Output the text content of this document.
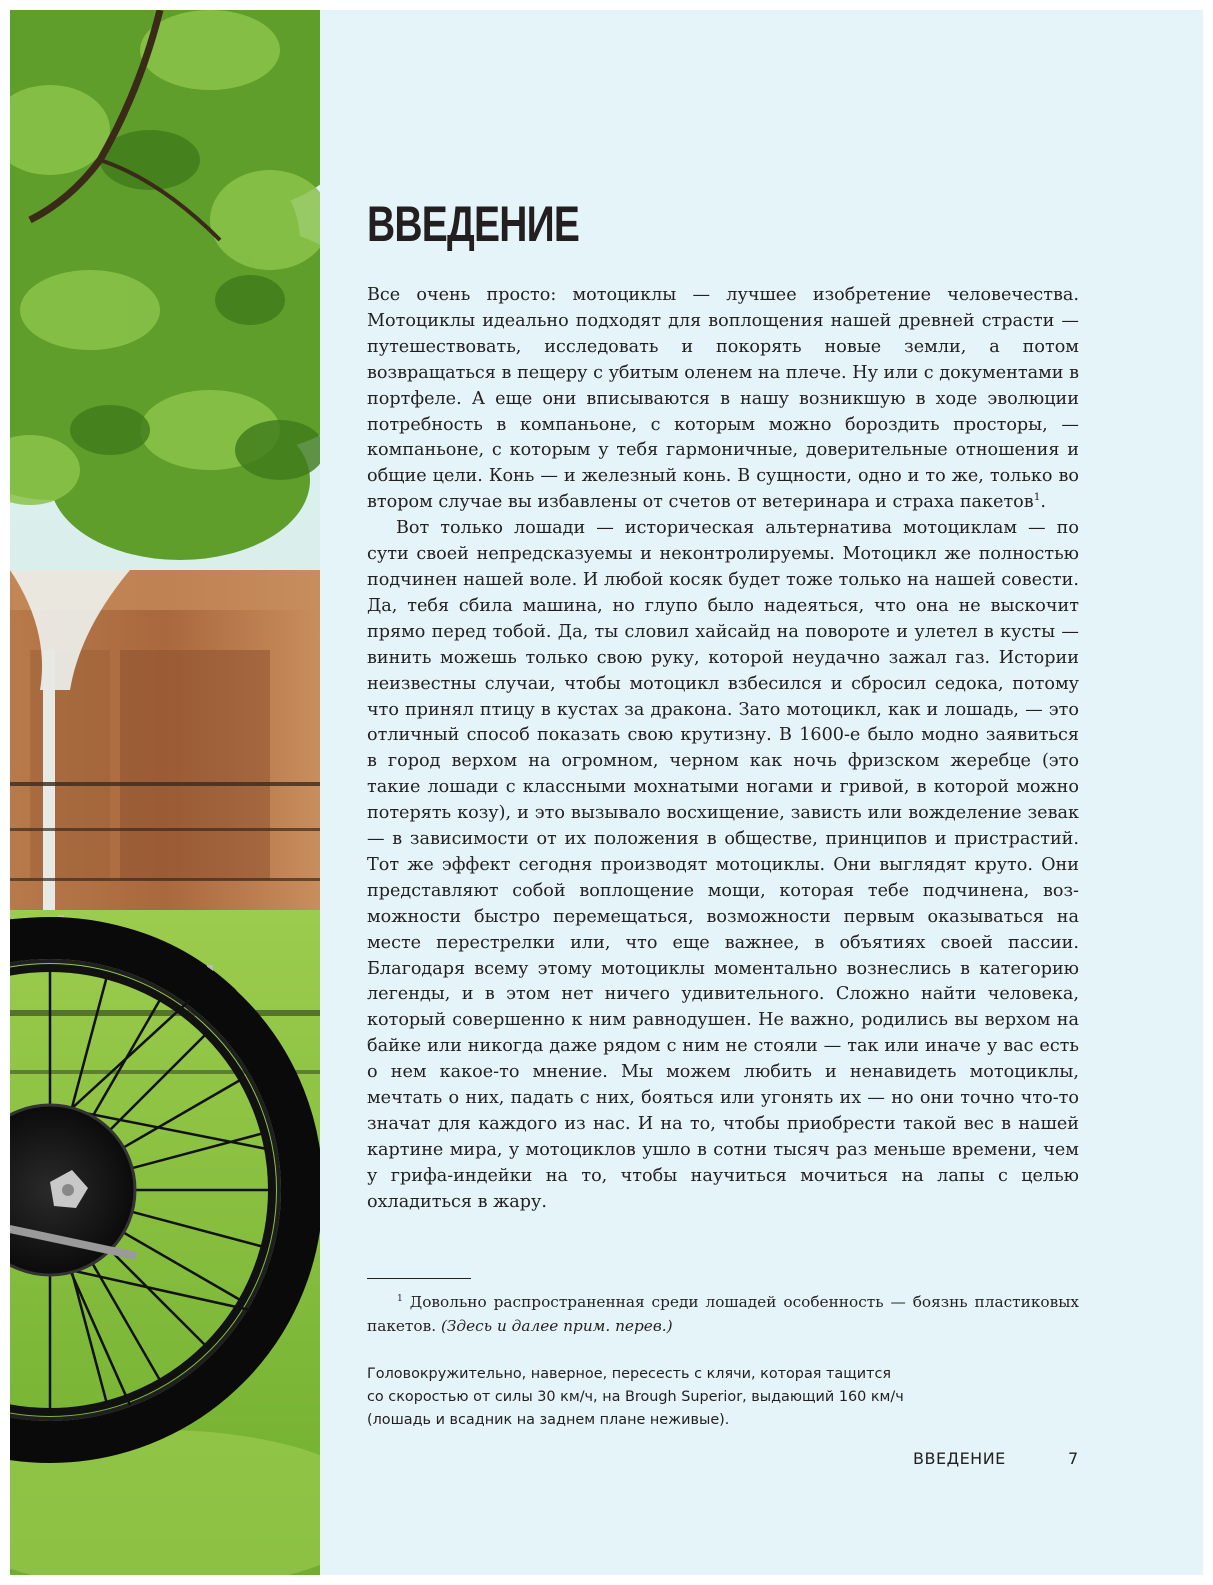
ВВЕДЕНИЕ

Все очень просто: мотоциклы — лучшее изобретение человечества. Мотоциклы идеально подходят для воплощения нашей древней страсти — путешествовать, исследовать и покорять новые земли, а потом возвращаться в пещеру с убитым оленем на плече. Ну или с документами в портфеле. А еще они вписываются в нашу возникшую в ходе эволюции потребность в компаньоне, с которым можно бороздить просторы, — компаньоне, с которым у тебя гармоничные, доверительные отношения и общие цели. Конь — и железный конь. В сущности, одно и то же, только во втором случае вы избавлены от счетов от ветеринара и страха пакетов$^1$.

Вот только лошади — историческая альтернатива мотоциклам — по сути своей непредсказуемы и неконтролируемы. Мотоцикл же полностью подчинен нашей воле. И любой косяк будет тоже только на нашей совести. Да, тебя сбила машина, но глупо было надеяться, что она не выскочит прямо перед тобой. Да, ты словил хайсайд на повороте и улетел в кусты — винить можешь только свою руку, которой неудачно зажал газ. Истории неизвестны случаи, чтобы мотоцикл взбесился и сбросил седока, потому что принял птицу в кустах за дракона. Зато мотоцикл, как и лошадь, — это отличный способ показать свою крутизну. В 1600-е было модно заявиться в город верхом на огромном, черном как ночь фризском жеребце (это такие лошади с классными мохнатыми ногами и гривой, в которой можно потерять козу), и это вызывало восхищение, зависть или вожделение зевак — в зависимости от их положения в обществе, принципов и пристрастий. Тот же эффект сегодня производят мотоциклы. Они выглядят круто. Они представляют собой воплощение мощи, которая тебе подчинена, возможности быстро перемещаться, возможности первым оказываться на месте перестрелки или, что еще важнее, в объятиях своей пассии. Благодаря всему этому мотоциклы моментально вознеслись в категорию легенды, и в этом нет ничего удивительного. Сложно найти человека, который совершенно к ним равнодушен. Не важно, родились вы верхом на байке или никогда даже рядом с ним не стояли — так или иначе у вас есть о нем какое-то мнение. Мы можем любить и ненавидеть мотоциклы, мечтать о них, падать с них, бояться или угонять их — но они точно что-то значат для каждого из нас. И на то, чтобы приобрести такой вес в нашей картине мира, у мотоциклов ушло в сотни тысяч раз меньше времени, чем у грифа-индейки на то, чтобы научиться мочиться на лапы с целью охладиться в жару.

$^1$ Довольно распространенная среди лошадей особенность — боязнь пластиковых пакетов. (Здесь и далее прим. перев.)

Головокружительно, наверное, пересесть с клячи, которая тащится
со скоростью от силы 30 км/ч, на Brough Superior, выдающий 160 км/ч
(лошадь и всадник на заднем плане неживые).

ВВЕДЕНИЕ	7
